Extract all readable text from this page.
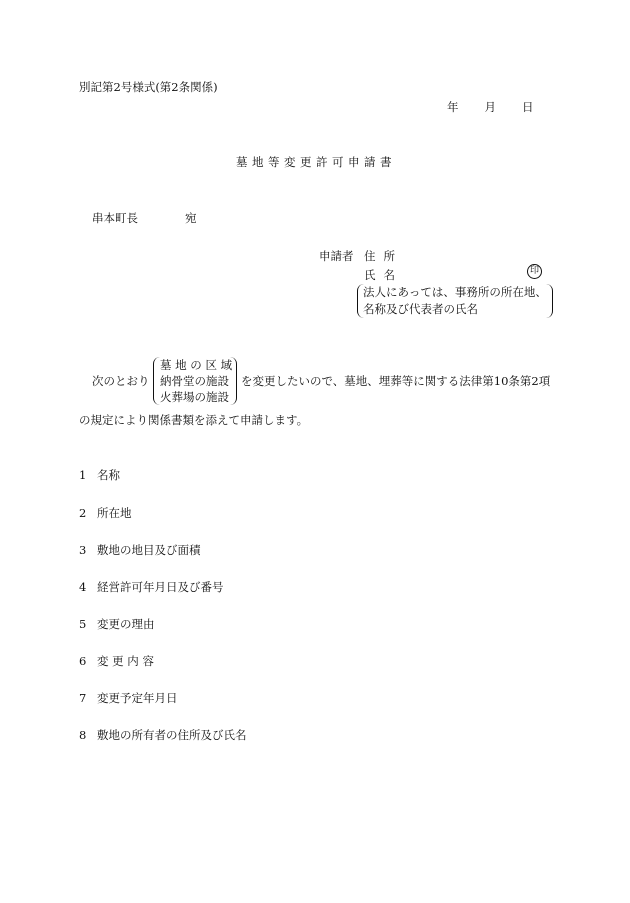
別記第2号様式(第2条関係)
年 月 日
墓地等変更許可申請書
串本町長	宛
申請者 住所
氏名	印
法人にあっては、事務所の所在地、
名称及び代表者の氏名
次のとおり
墓 地 の 区 域
納骨堂の施設
火葬場の施設
を変更したいので、墓地、埋葬等に関する法律第10条第2項
の規定により関係書類を添えて申請します。
1 名称
2 所在地
3 敷地の地目及び面積
4 経営許可年月日及び番号
5 変更の理由
6 変 更 内 容
7 変更予定年月日
8 敷地の所有者の住所及び氏名
